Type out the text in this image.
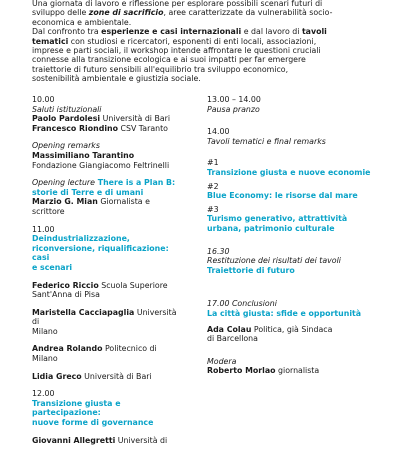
Una giornata di lavoro e riflessione per esplorare possibili scenari futuri di

sviluppo delle zone di sacrificio, aree caratterizzate da vulnerabilità socio-

economica e ambientale.

Dal confronto tra esperienze e casi internazionali e dal lavoro di tavoli

tematici con studiosi e ricercatori, esponenti di enti locali, associazioni,

imprese e parti sociali, il workshop intende affrontare le questioni cruciali

connesse alla transizione ecologica e ai suoi impatti per far emergere

traiettorie di futuro sensibili all'equilibrio tra sviluppo economico,

sostenibilità ambientale e giustizia sociale.

10.00
Saluti istituzionali
Paolo Pardolesi Università di Bari
Francesco Riondino CSV Taranto
Opening remarks
Massimiliano Tarantino
Fondazione Giangiacomo Feltrinelli
Opening lecture There is a Plan B:
storie di Terre e di umani
Marzio G. Mian Giornalista e
scrittore
11.00
Deindustrializzazione,
riconversione, riqualificazione: casi
e scenari
Federico Riccio Scuola Superiore
Sant'Anna di Pisa
Maristella Cacciapaglia Università di
Milano
Andrea Rolando Politecnico di
Milano
Lidia Greco Università di Bari
12.00
Transizione giusta e partecipazione:
nuove forme di governance
Giovanni Allegretti Università di
13.00 – 14.00
Pausa pranzo
14.00
Tavoli tematici e final remarks
#1
Transizione giusta e nuove economie
#2
Blue Economy: le risorse dal mare
#3
Turismo generativo, attrattività
urbana, patrimonio culturale
16.30
Restituzione dei risultati dei tavoli
Traiettorie di futuro
17.00 Conclusioni
La città giusta: sfide e opportunità
Ada Colau Politica, già Sindaca
di Barcellona
Modera
Roberto Morlao giornalista
